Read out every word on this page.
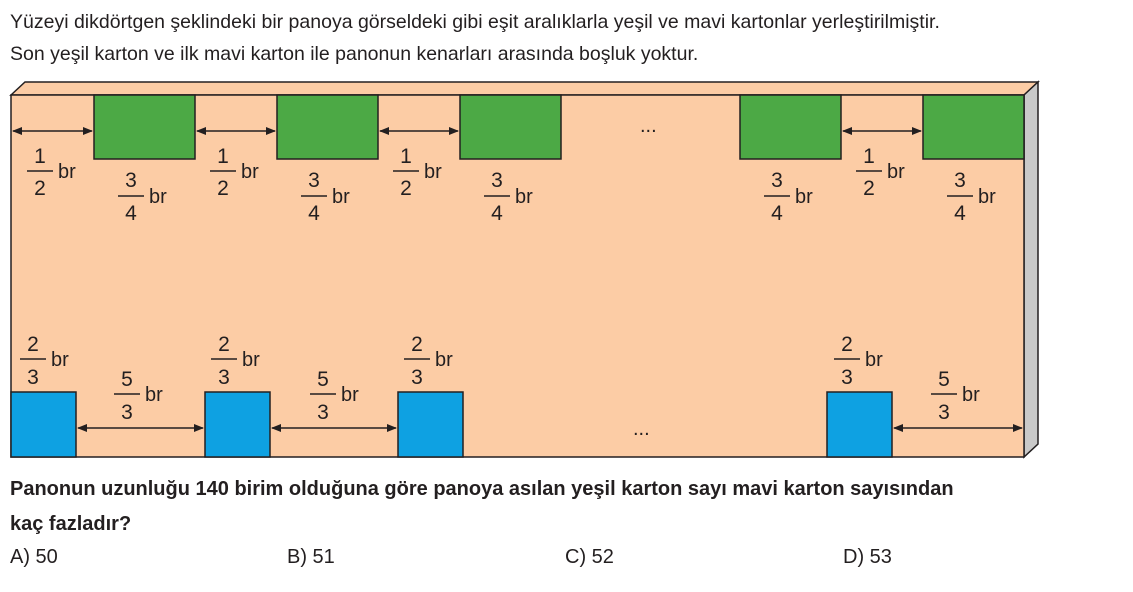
Yüzeyi dikdörtgen şeklindeki bir panoya görseldeki gibi eşit aralıklarla yeşil ve mavi kartonlar yerleştirilmiştir.
Son yeşil karton ve ilk mavi karton ile panonun kenarları arasında boşluk yoktur.
...
...
1
2
br
1
2
br
1
2
br
1
2
br
3
4
br
3
4
br
3
4
br
3
4
br
3
4
br
2
3
br
2
3
br
2
3
br
2
3
br
5
3
br
5
3
br
5
3
br
Panonun uzunluğu 140 birim olduğuna göre panoya asılan yeşil karton sayı mavi karton sayısından
kaç fazladır?
A) 50	B) 51	C) 52	D) 53
